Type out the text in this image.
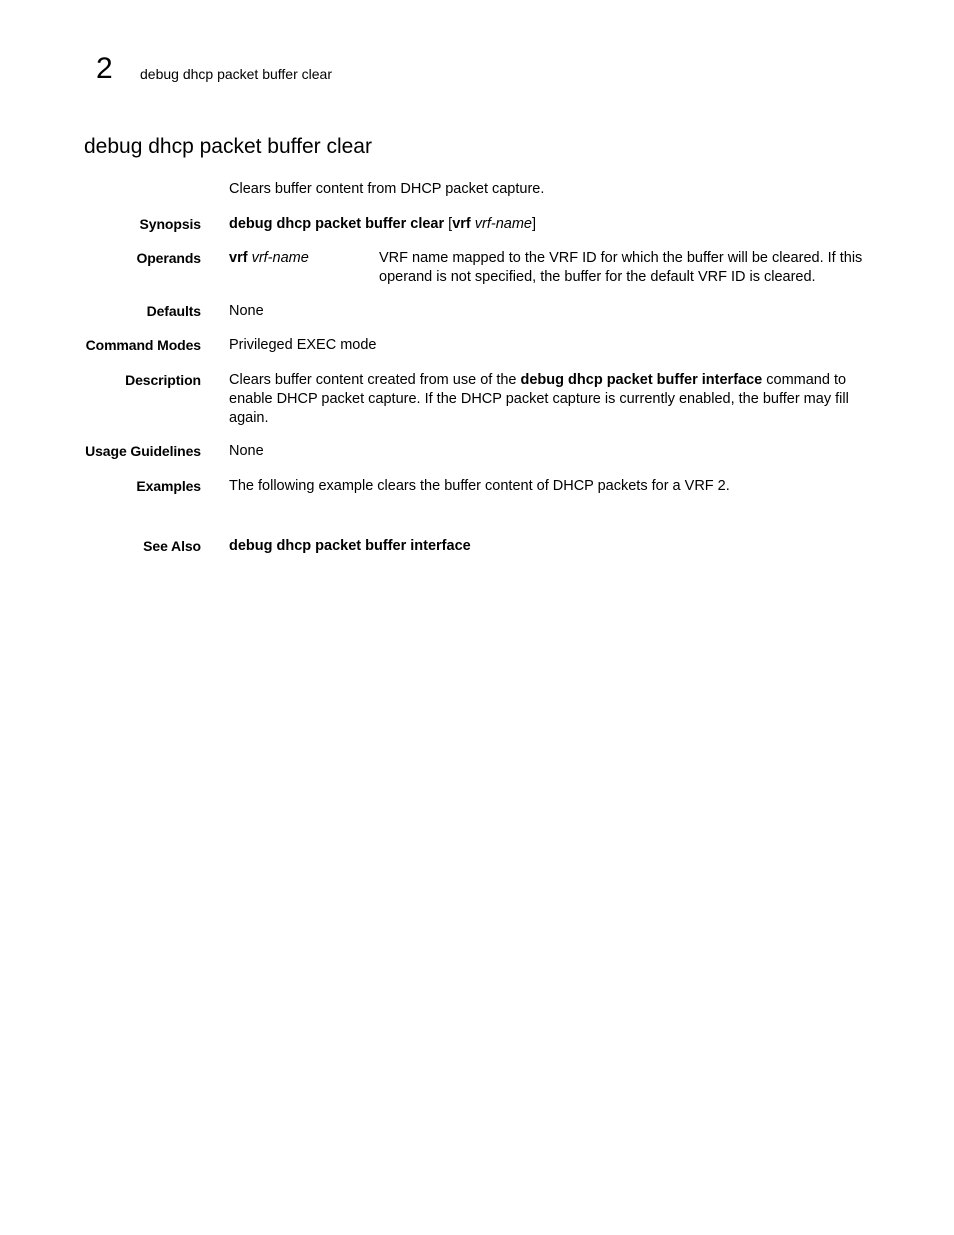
2 debug dhcp packet buffer clear
debug dhcp packet buffer clear
Clears buffer content from DHCP packet capture.
Synopsis debug dhcp packet buffer clear [vrf vrf-name]
Operands vrf vrf-name	VRF name mapped to the VRF ID for which the buffer will be cleared. If this operand is not specified, the buffer for the default VRF ID is cleared.
Defaults None
Command Modes Privileged EXEC mode
Description Clears buffer content created from use of the debug dhcp packet buffer interface command to enable DHCP packet capture. If the DHCP packet capture is currently enabled, the buffer may fill again.
Usage Guidelines None
Examples The following example clears the buffer content of DHCP packets for a VRF 2.
See Also debug dhcp packet buffer interface
